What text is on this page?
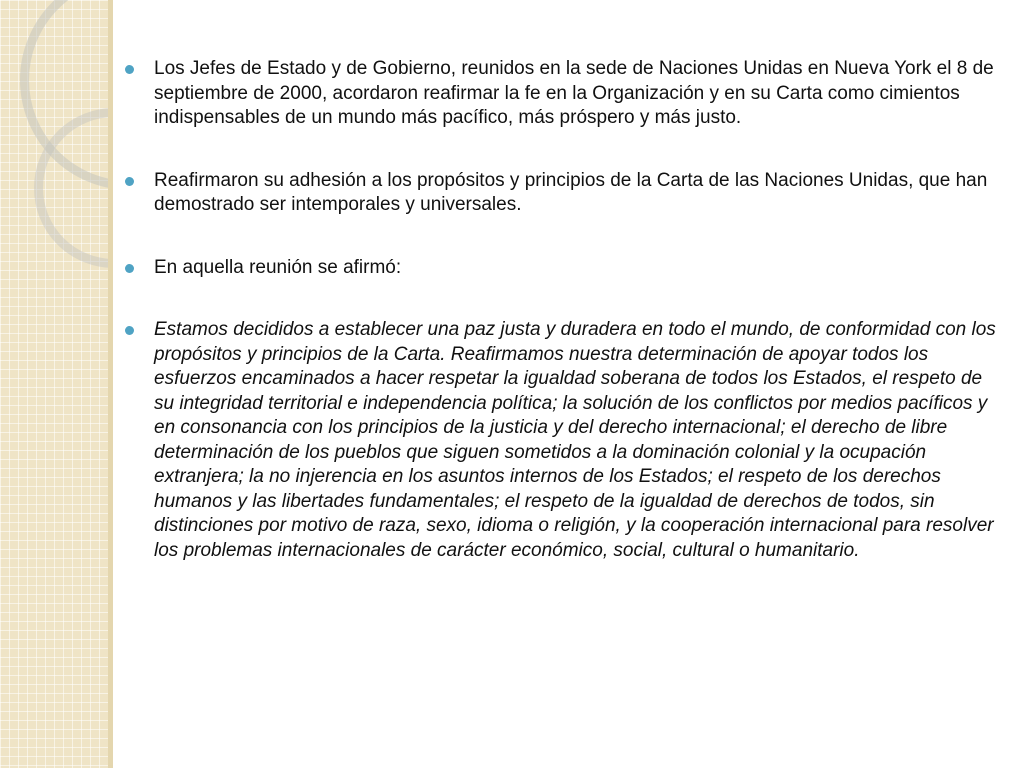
Los Jefes de Estado y de Gobierno, reunidos en la sede de Naciones Unidas en Nueva York el 8 de septiembre de 2000, acordaron reafirmar la fe en la Organización y en su Carta como cimientos indispensables de un mundo más pacífico, más próspero y más justo.
Reafirmaron su adhesión a los propósitos y principios de la Carta de las Naciones Unidas, que han demostrado ser intemporales y universales.
En aquella reunión se afirmó:
Estamos decididos a establecer una paz justa y duradera en todo el mundo, de conformidad con los propósitos y principios de la Carta. Reafirmamos nuestra determinación de apoyar todos los esfuerzos encaminados a hacer respetar la igualdad soberana de todos los Estados, el respeto de su integridad territorial e independencia política; la solución de los conflictos por medios pacíficos y en consonancia con los principios de la justicia y del derecho internacional; el derecho de libre determinación de los pueblos que siguen sometidos a la dominación colonial y la ocupación extranjera; la no injerencia en los asuntos internos de los Estados; el respeto de los derechos humanos y las libertades fundamentales; el respeto de la igualdad de derechos de todos, sin distinciones por motivo de raza, sexo, idioma o religión, y la cooperación internacional para resolver los problemas internacionales de carácter económico, social, cultural o humanitario.
